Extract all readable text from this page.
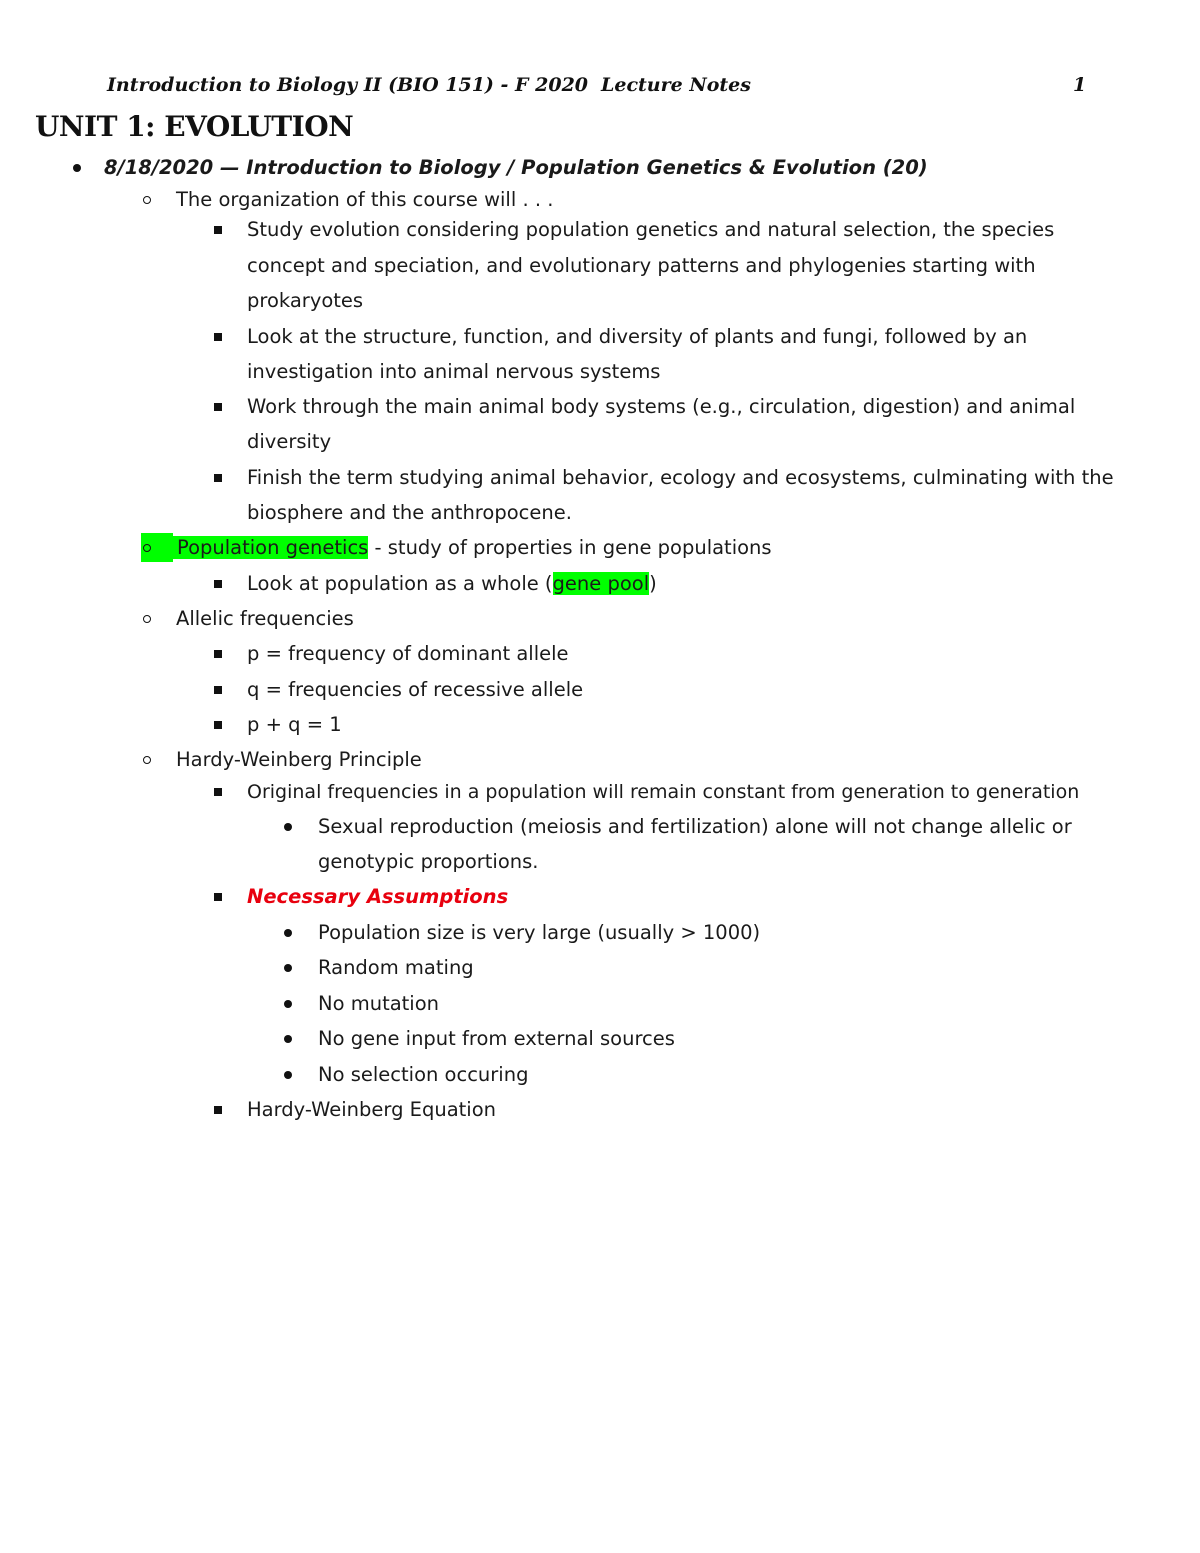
Introduction to Biology II (BIO 151) - F 2020 Lecture Notes	1
UNIT 1: EVOLUTION
8/18/2020 — Introduction to Biology / Population Genetics & Evolution (20)
The organization of this course will . . .
Study evolution considering population genetics and natural selection, the species
concept and speciation, and evolutionary patterns and phylogenies starting with
prokaryotes
Look at the structure, function, and diversity of plants and fungi, followed by an
investigation into animal nervous systems
Work through the main animal body systems (e.g., circulation, digestion) and animal
diversity
Finish the term studying animal behavior, ecology and ecosystems, culminating with the
biosphere and the anthropocene.
Population genetics - study of properties in gene populations
Look at population as a whole (gene pool)
Allelic frequencies
p = frequency of dominant allele
q = frequencies of recessive allele
p + q = 1
Hardy-Weinberg Principle
Original frequencies in a population will remain constant from generation to generation
Sexual reproduction (meiosis and fertilization) alone will not change allelic or
genotypic proportions.
Necessary Assumptions
Population size is very large (usually > 1000)
Random mating
No mutation
No gene input from external sources
No selection occuring
Hardy-Weinberg Equation
